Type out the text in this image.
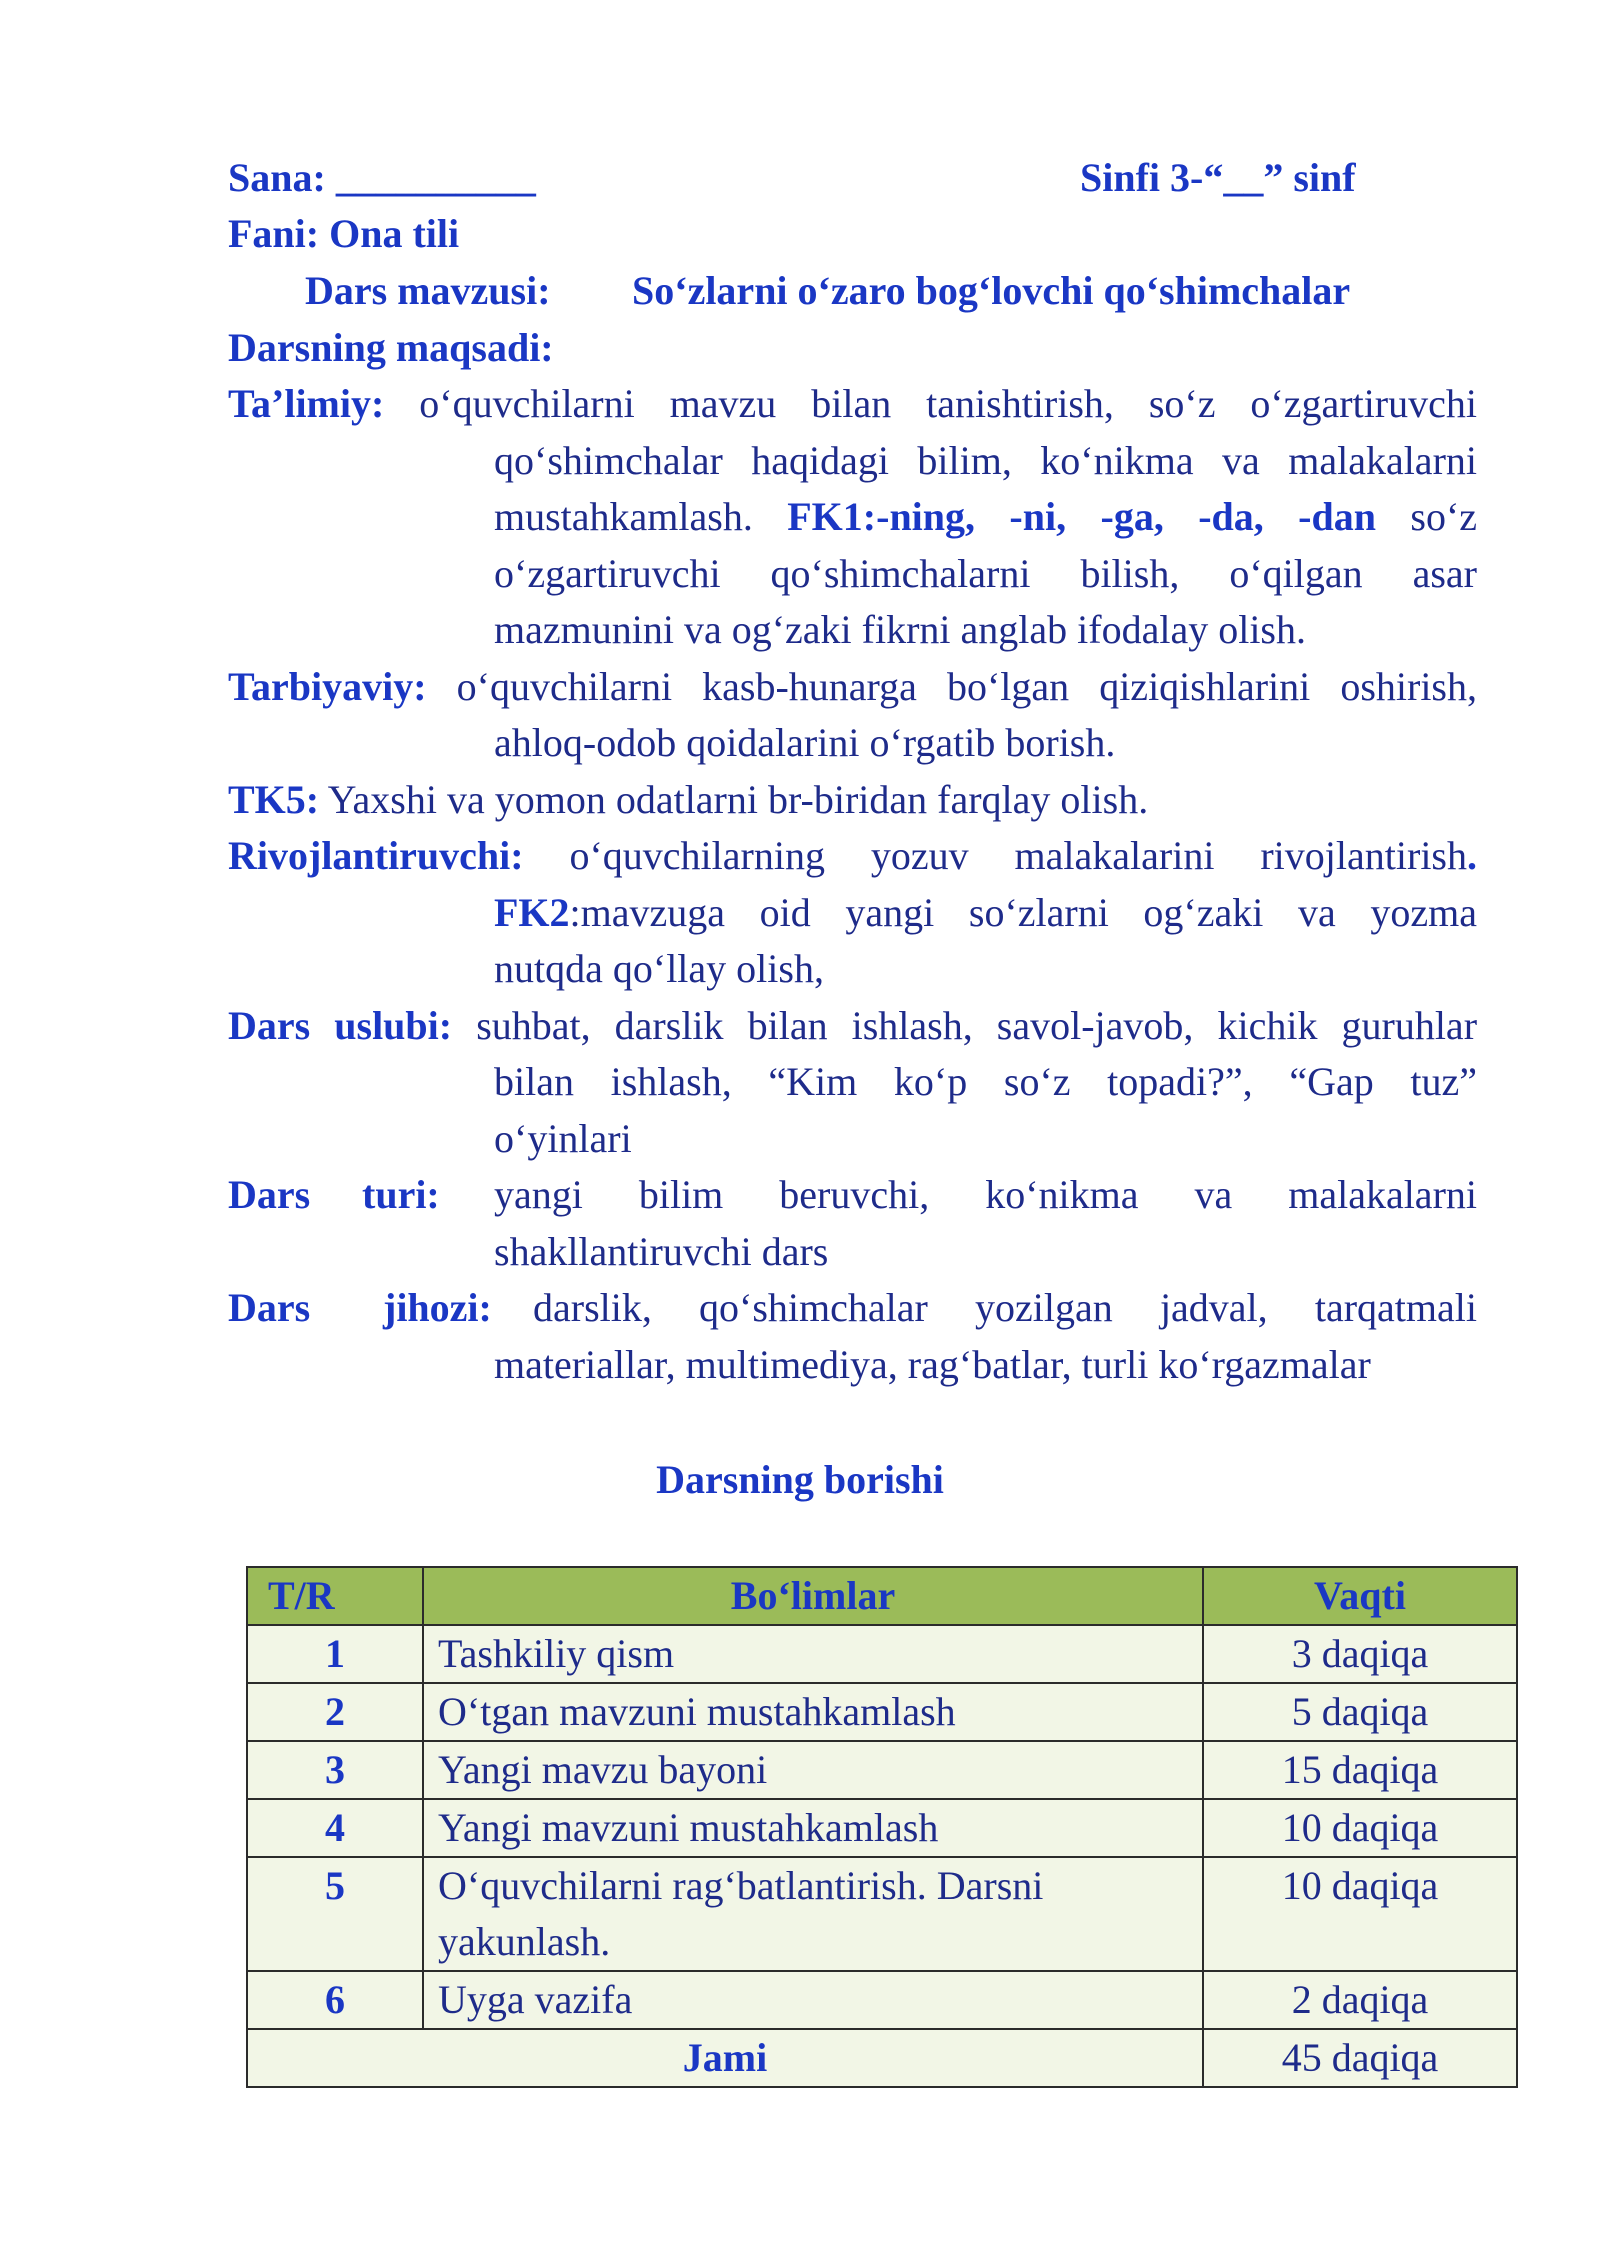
Sana: __________	Sinfi 3-“__” sinf
Fani: Ona tili
Dars mavzusi: So‘zlarni o‘zaro bog‘lovchi qo‘shimchalar
Darsning maqsadi:
Ta’limiy: o‘quvchilarni mavzu bilan tanishtirish, so‘z o‘zgartiruvchi
qo‘shimchalar haqidagi bilim, ko‘nikma va malakalarni
mustahkamlash. FK1:-ning, -ni, -ga, -da, -dan so‘z
o‘zgartiruvchi qo‘shimchalarni bilish, o‘qilgan asar
mazmunini va og‘zaki fikrni anglab ifodalay olish.
Tarbiyaviy: o‘quvchilarni kasb-hunarga bo‘lgan qiziqishlarini oshirish,
ahloq-odob qoidalarini o‘rgatib borish.
TK5: Yaxshi va yomon odatlarni br-biridan farqlay olish.
Rivojlantiruvchi: o‘quvchilarning yozuv malakalarini rivojlantirish.
FK2:mavzuga oid yangi so‘zlarni og‘zaki va yozma
nutqda qo‘llay olish,
Dars uslubi: suhbat, darslik bilan ishlash, savol-javob, kichik guruhlar
bilan ishlash, “Kim ko‘p so‘z topadi?”, “Gap tuz”
o‘yinlari
Dars turi: yangi bilim beruvchi, ko‘nikma va malakalarni
shakllantiruvchi dars
Dars jihozi: darslik, qo‘shimchalar yozilgan jadval, tarqatmali
materiallar, multimediya, rag‘batlar, turli ko‘rgazmalar
Darsning borishi
T/R	Bo‘limlar	Vaqti
1	Tashkiliy qism	3 daqiqa
2	O‘tgan mavzuni mustahkamlash	5 daqiqa
3	Yangi mavzu bayoni	15 daqiqa
4	Yangi mavzuni mustahkamlash	10 daqiqa
5	O‘quvchilarni rag‘batlantirish. Darsni yakunlash.	10 daqiqa
6	Uyga vazifa	2 daqiqa
Jami		45 daqiqa
